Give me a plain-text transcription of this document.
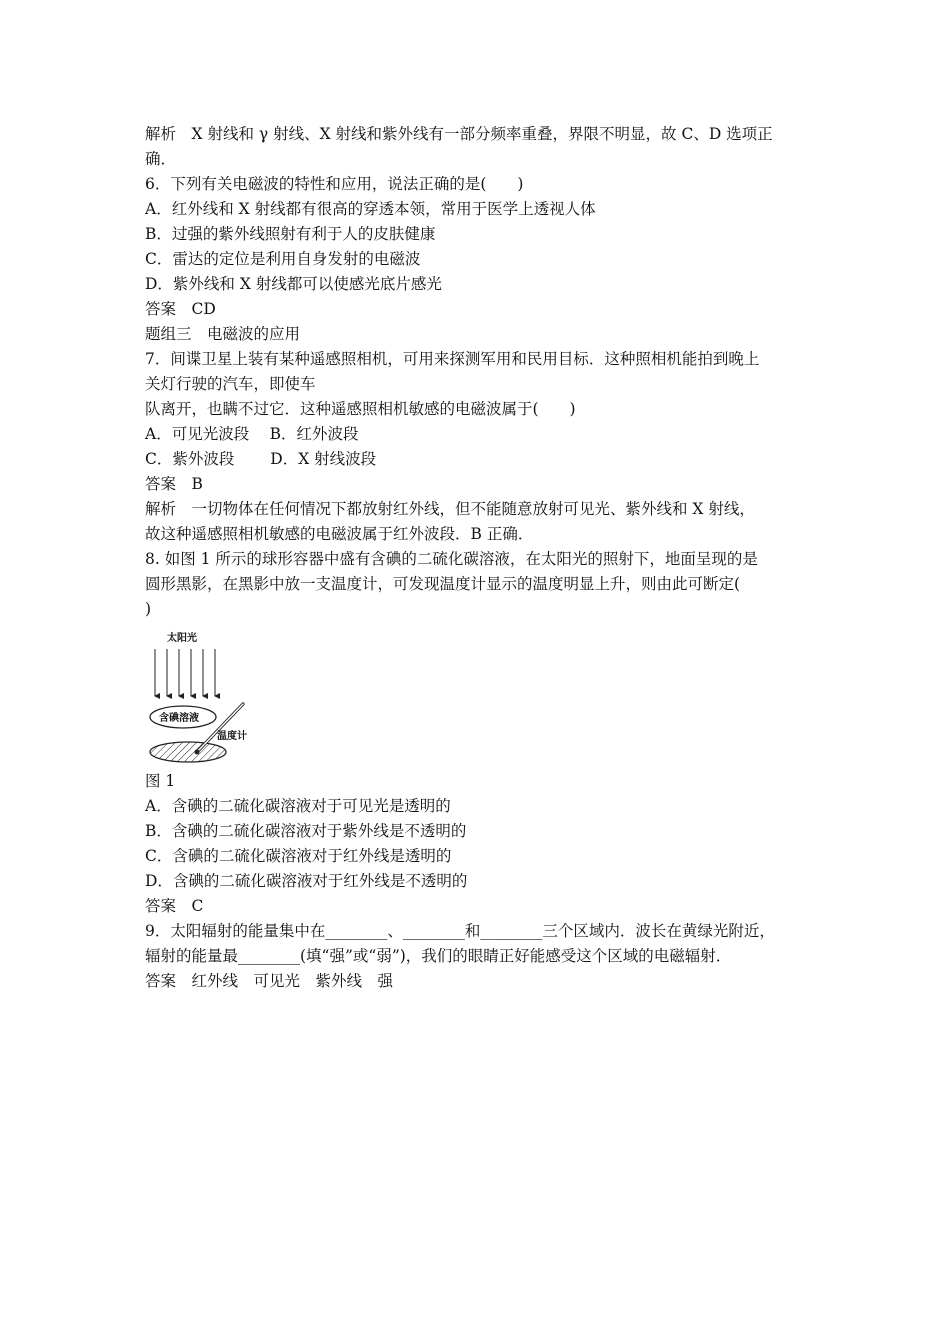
解析　X 射线和 γ 射线、X 射线和紫外线有一部分频率重叠，界限不明显，故 C、D 选项正
确．
6．下列有关电磁波的特性和应用，说法正确的是(　　)
A．红外线和 X 射线都有很高的穿透本领，常用于医学上透视人体
B．过强的紫外线照射有利于人的皮肤健康
C．雷达的定位是利用自身发射的电磁波
D．紫外线和 X 射线都可以使感光底片感光
答案　CD
题组三　电磁波的应用
7．间谍卫星上装有某种遥感照相机，可用来探测军用和民用目标．这种照相机能拍到晚上
关灯行驶的汽车，即使车
队离开，也瞒不过它．这种遥感照相机敏感的电磁波属于(　　)
A．可见光波段　 B．红外波段
C．紫外波段　　 D．X 射线波段
答案　B
解析　一切物体在任何情况下都放射红外线，但不能随意放射可见光、紫外线和 X 射线，
故这种遥感照相机敏感的电磁波属于红外波段．B 正确．
8. 如图 1 所示的球形容器中盛有含碘的二硫化碳溶液，在太阳光的照射下，地面呈现的是
圆形黑影，在黑影中放一支温度计，可发现温度计显示的温度明显上升，则由此可断定(
)
太阳光
含碘溶液
温度计
图 1
A．含碘的二硫化碳溶液对于可见光是透明的
B．含碘的二硫化碳溶液对于紫外线是不透明的
C．含碘的二硫化碳溶液对于红外线是透明的
D．含碘的二硫化碳溶液对于红外线是不透明的
答案　C
9．太阳辐射的能量集中在________、________和________三个区域内．波长在黄绿光附近，
辐射的能量最________(填“强”或“弱”)，我们的眼睛正好能感受这个区域的电磁辐射．
答案　红外线　可见光　紫外线　强
